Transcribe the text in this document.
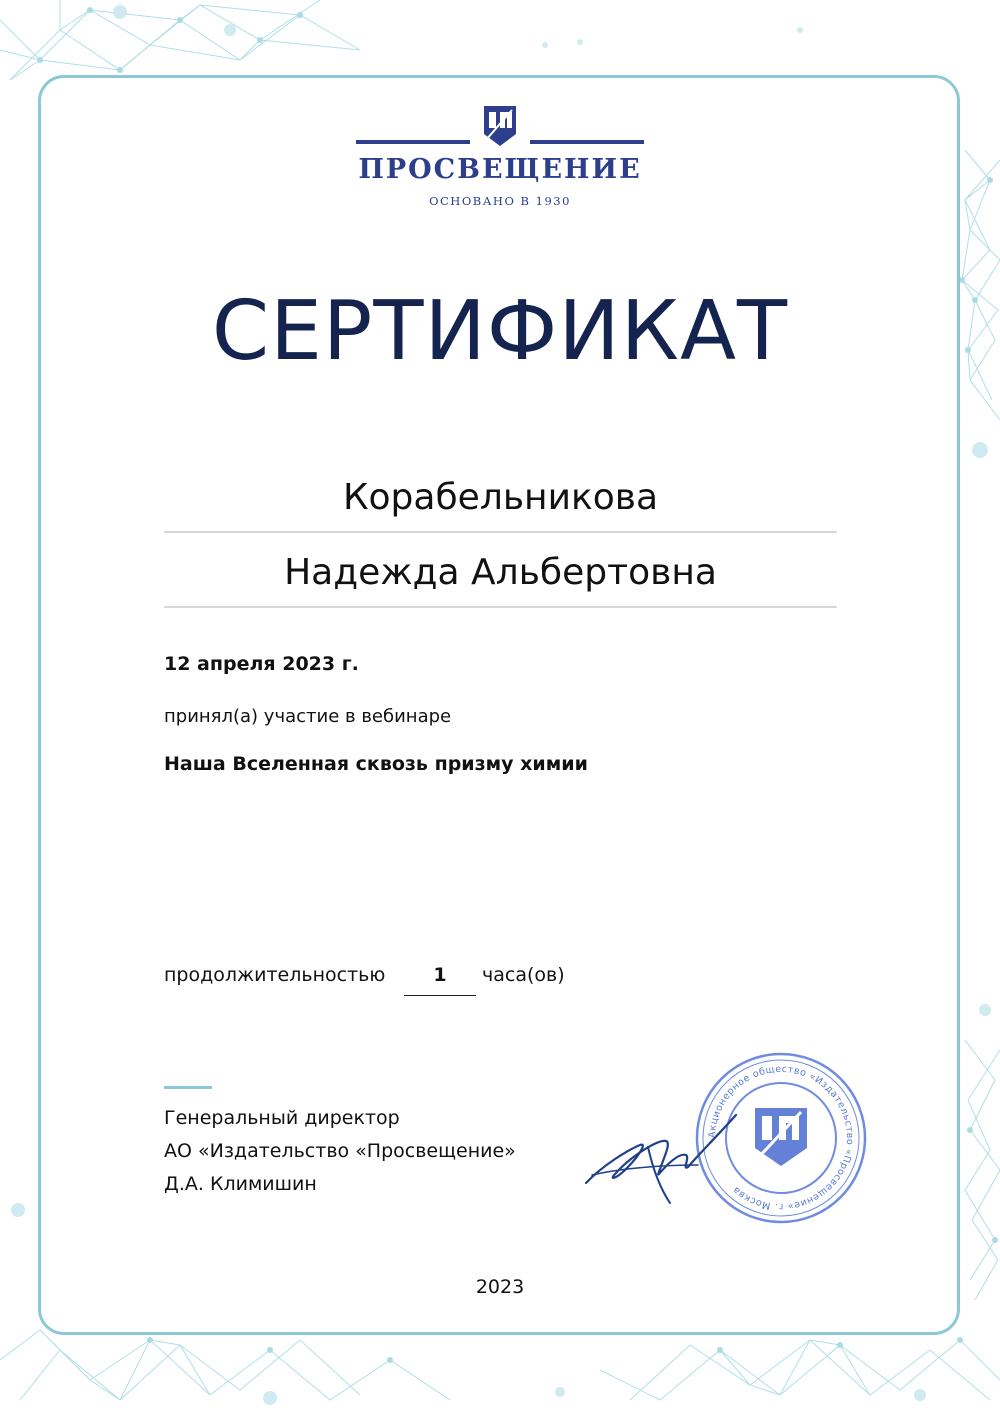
ПРОСВЕЩЕНИЕ
ОСНОВАНО В 1930
СЕРТИФИКАТ
Корабельникова
Надежда Альбертовна
12 апреля 2023 г.
принял(а) участие в вебинаре
Наша Вселенная сквозь призму химии
продолжительностью	1	часа(ов)
Генеральный директор
АО «Издательство «Просвещение»
Д.А. Климишин
Акционерное общество «Издательство «Просвещение» г. Москва
2023
